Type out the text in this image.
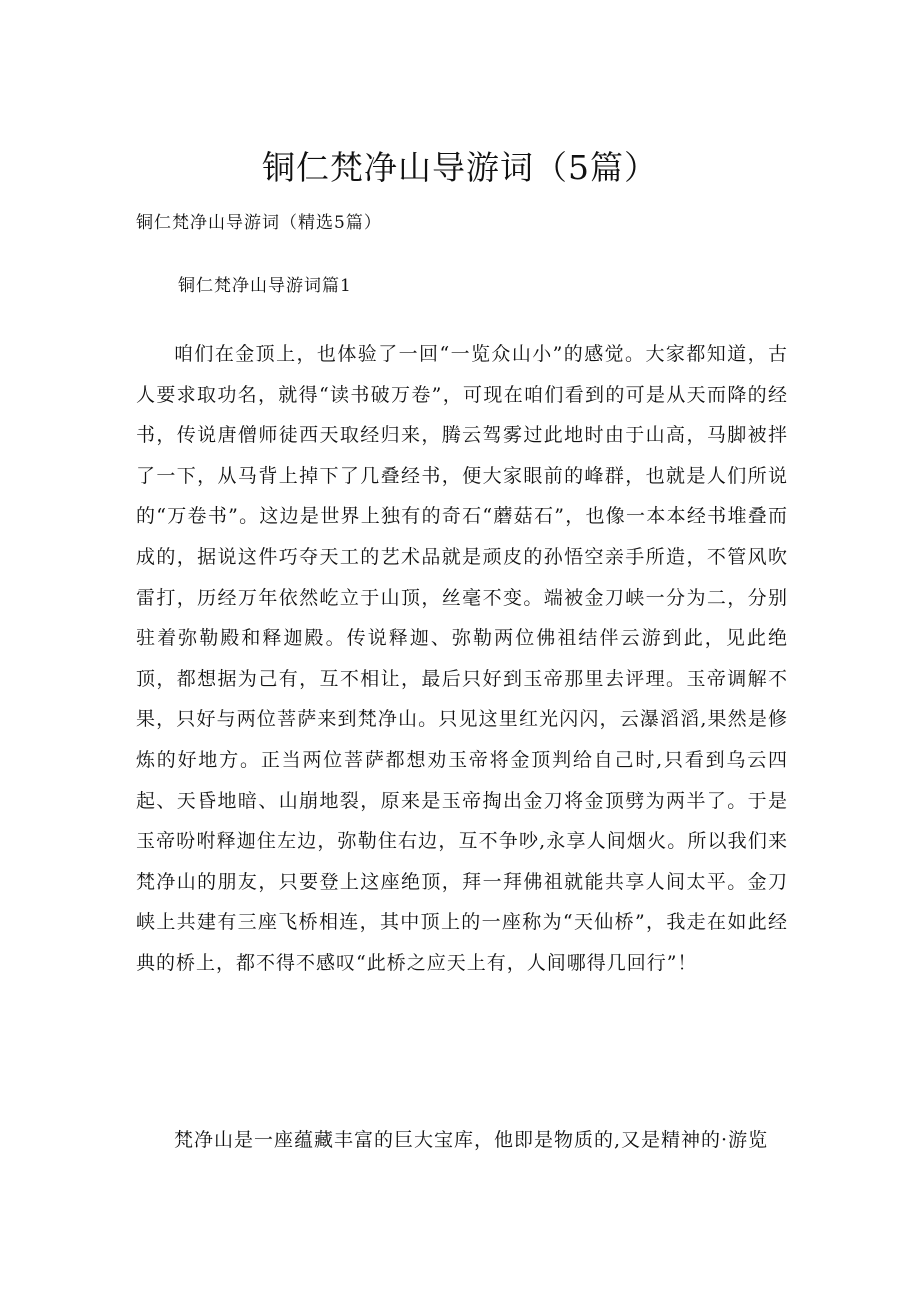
铜仁梵净山导游词（5篇）
铜仁梵净山导游词（精选5篇）
铜仁梵净山导游词篇1

咱们在金顶上，也体验了一回“一览众山小”的感觉。大家都知道，古人要求取功名，就得“读书破万卷”，可现在咱们看到的可是从天而降的经书，传说唐僧师徒西天取经归来，腾云驾雾过此地时由于山高，马脚被拌了一下，从马背上掉下了几叠经书，便大家眼前的峰群，也就是人们所说的“万卷书”。这边是世界上独有的奇石“蘑菇石”，也像一本本经书堆叠而成的，据说这件巧夺天工的艺术品就是顽皮的孙悟空亲手所造，不管风吹雷打，历经万年依然屹立于山顶，丝毫不变。端被金刀峡一分为二，分别驻着弥勒殿和释迦殿。传说释迦、弥勒两位佛祖结伴云游到此，见此绝顶，都想据为己有，互不相让，最后只好到玉帝那里去评理。玉帝调解不果，只好与两位菩萨来到梵净山。只见这里红光闪闪，云瀑滔滔,果然是修炼的好地方。正当两位菩萨都想劝玉帝将金顶判给自己时,只看到乌云四起、天昏地暗、山崩地裂，原来是玉帝掏出金刀将金顶劈为两半了。于是玉帝吩咐释迦住左边，弥勒住右边，互不争吵,永享人间烟火。所以我们来梵净山的朋友，只要登上这座绝顶，拜一拜佛祖就能共享人间太平。金刀峡上共建有三座飞桥相连，其中顶上的一座称为“天仙桥”，我走在如此经典的桥上，都不得不感叹“此桥之应天上有，人间哪得几回行”！

梵净山是一座蕴藏丰富的巨大宝库，他即是物质的,又是精神的·游览
